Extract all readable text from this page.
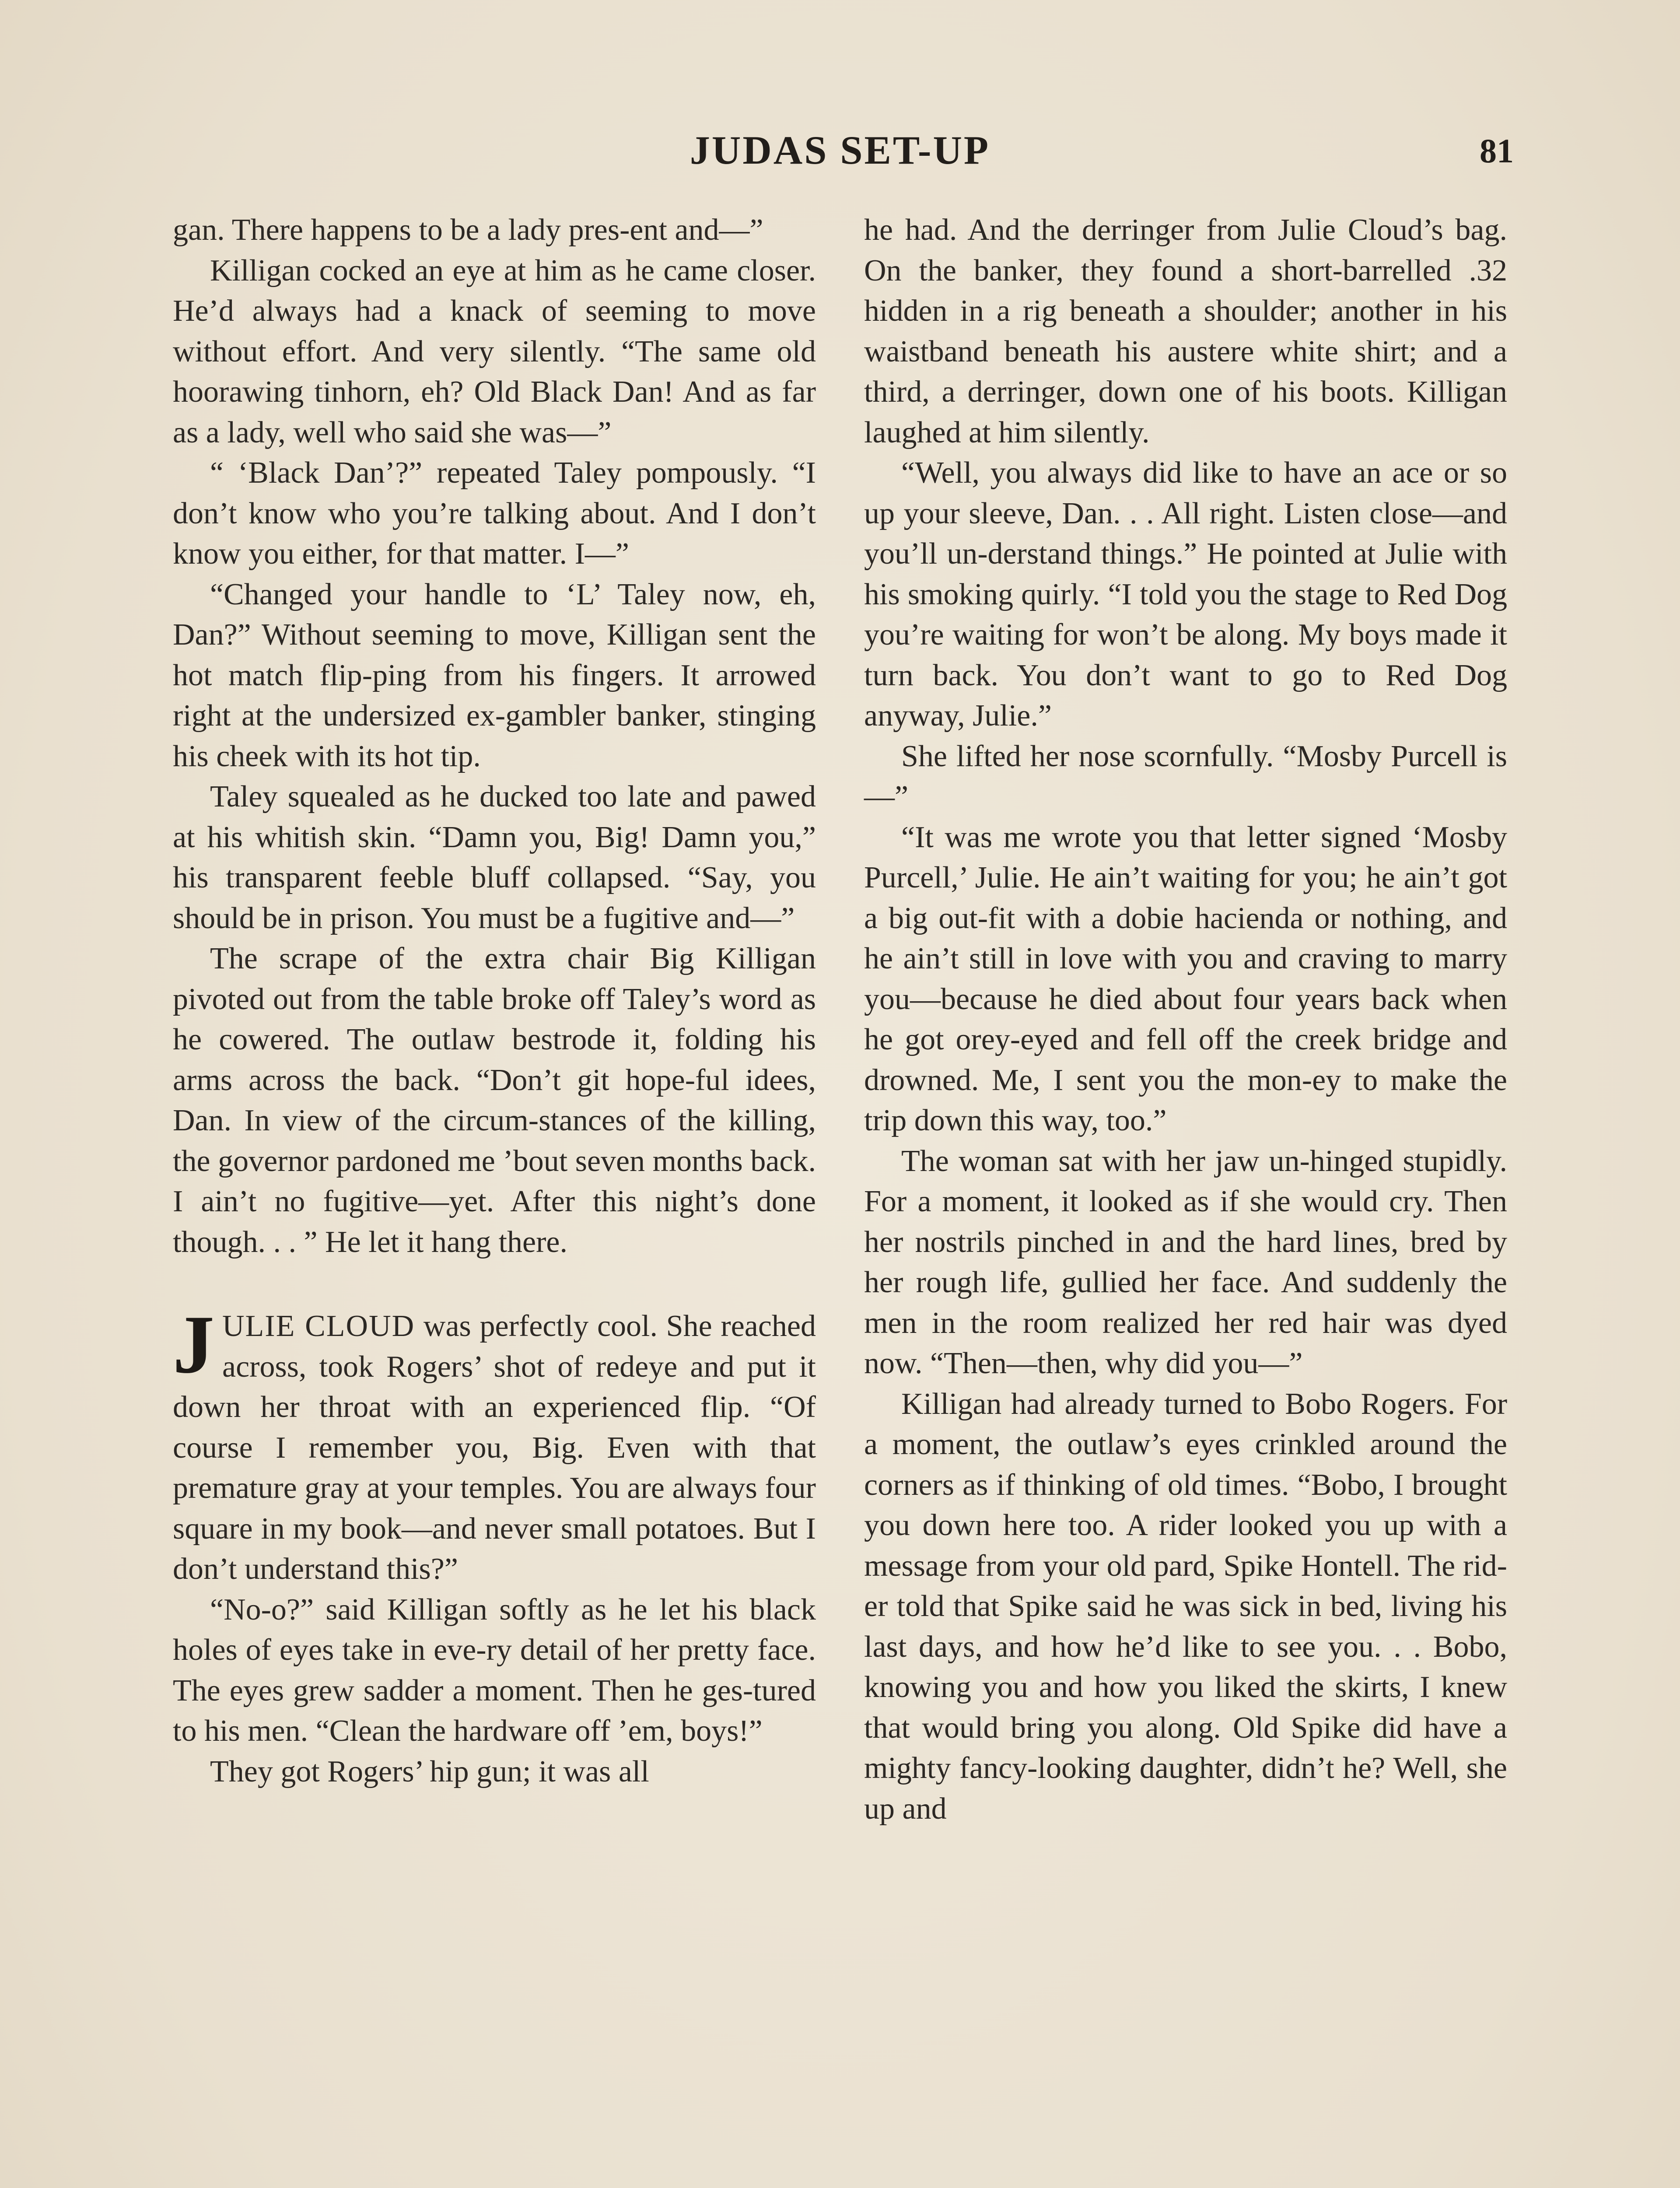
JUDAS SET-UP	81

gan. There happens to be a lady pres-ent and—”

Killigan cocked an eye at him as he came closer. He’d always had a knack of seeming to move without effort. And very silently. “The same old hoorawing tinhorn, eh? Old Black Dan! And as far as a lady, well who said she was—”

“ ‘Black Dan’?” repeated Taley pompously. “I don’t know who you’re talking about. And I don’t know you either, for that matter. I—”

“Changed your handle to ‘L’ Taley now, eh, Dan?” Without seeming to move, Killigan sent the hot match flip-ping from his fingers. It arrowed right at the undersized ex-gambler banker, stinging his cheek with its hot tip.

Taley squealed as he ducked too late and pawed at his whitish skin. “Damn you, Big! Damn you,” his transparent feeble bluff collapsed. “Say, you should be in prison. You must be a fugitive and—”

The scrape of the extra chair Big Killigan pivoted out from the table broke off Taley’s word as he cowered. The outlaw bestrode it, folding his arms across the back. “Don’t git hope-ful idees, Dan. In view of the circum-stances of the killing, the governor pardoned me ’bout seven months back. I ain’t no fugitive—yet. After this night’s done though. . . ” He let it hang there.

JULIE CLOUD was perfectly cool. She reached across, took Rogers’ shot of redeye and put it down her throat with an experienced flip. “Of course I remember you, Big. Even with that premature gray at your temples. You are always four square in my book—and never small potatoes. But I don’t understand this?”

“No-o?” said Killigan softly as he let his black holes of eyes take in eve-ry detail of her pretty face. The eyes grew sadder a moment. Then he ges-tured to his men. “Clean the hardware off ’em, boys!”

They got Rogers’ hip gun; it was all

he had. And the derringer from Julie Cloud’s bag. On the banker, they found a short-barrelled .32 hidden in a rig beneath a shoulder; another in his waistband beneath his austere white shirt; and a third, a derringer, down one of his boots. Killigan laughed at him silently.

“Well, you always did like to have an ace or so up your sleeve, Dan. . . All right. Listen close—and you’ll un-derstand things.” He pointed at Julie with his smoking quirly. “I told you the stage to Red Dog you’re waiting for won’t be along. My boys made it turn back. You don’t want to go to Red Dog anyway, Julie.”

She lifted her nose scornfully. “Mosby Purcell is—”

“It was me wrote you that letter signed ‘Mosby Purcell,’ Julie. He ain’t waiting for you; he ain’t got a big out-fit with a dobie hacienda or nothing, and he ain’t still in love with you and craving to marry you—because he died about four years back when he got orey-eyed and fell off the creek bridge and drowned. Me, I sent you the mon-ey to make the trip down this way, too.”

The woman sat with her jaw un-hinged stupidly. For a moment, it looked as if she would cry. Then her nostrils pinched in and the hard lines, bred by her rough life, gullied her face. And suddenly the men in the room realized her red hair was dyed now. “Then—then, why did you—”

Killigan had already turned to Bobo Rogers. For a moment, the outlaw’s eyes crinkled around the corners as if thinking of old times. “Bobo, I brought you down here too. A rider looked you up with a message from your old pard, Spike Hontell. The rid-er told that Spike said he was sick in bed, living his last days, and how he’d like to see you. . . Bobo, knowing you and how you liked the skirts, I knew that would bring you along. Old Spike did have a mighty fancy-looking daughter, didn’t he? Well, she up and
